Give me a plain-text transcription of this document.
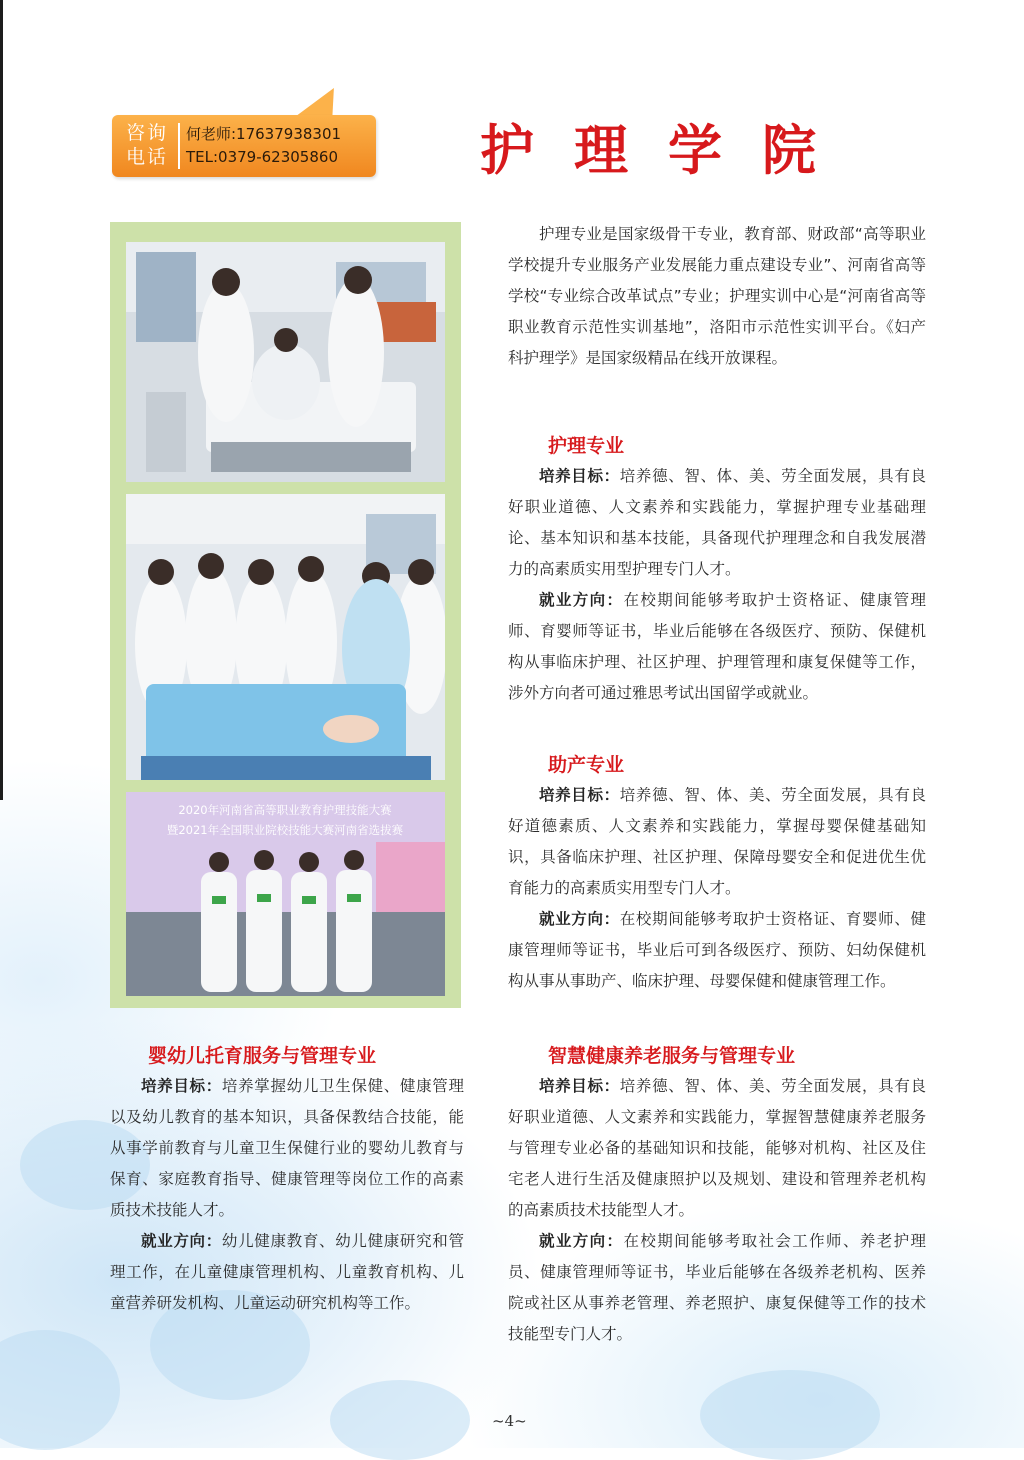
咨询
电话
何老师:17637938301
TEL:0379-62305860	护理学院
2020年河南省高等职业教育护理技能大赛
暨2021年全国职业院校技能大赛河南省选拔赛

护理专业是国家级骨干专业，教育部、财政部“高等职业学校提升专业服务产业发展能力重点建设专业”、河南省高等学校“专业综合改革试点”专业；护理实训中心是“河南省高等职业教育示范性实训基地”，洛阳市示范性实训平台。《妇产科护理学》是国家级精品在线开放课程。

护理专业

培养目标：培养德、智、体、美、劳全面发展，具有良好职业道德、人文素养和实践能力，掌握护理专业基础理论、基本知识和基本技能，具备现代护理理念和自我发展潜力的高素质实用型护理专门人才。

就业方向：在校期间能够考取护士资格证、健康管理师、育婴师等证书，毕业后能够在各级医疗、预防、保健机构从事临床护理、社区护理、护理管理和康复保健等工作，涉外方向者可通过雅思考试出国留学或就业。

助产专业

培养目标：培养德、智、体、美、劳全面发展，具有良好道德素质、人文素养和实践能力，掌握母婴保健基础知识，具备临床护理、社区护理、保障母婴安全和促进优生优育能力的高素质实用型专门人才。

就业方向：在校期间能够考取护士资格证、育婴师、健康管理师等证书，毕业后可到各级医疗、预防、妇幼保健机构从事从事助产、临床护理、母婴保健和健康管理工作。

婴幼儿托育服务与管理专业

培养目标：培养掌握幼儿卫生保健、健康管理以及幼儿教育的基本知识，具备保教结合技能，能从事学前教育与儿童卫生保健行业的婴幼儿教育与保育、家庭教育指导、健康管理等岗位工作的高素质技术技能人才。

就业方向：幼儿健康教育、幼儿健康研究和管理工作，在儿童健康管理机构、儿童教育机构、儿童营养研发机构、儿童运动研究机构等工作。

智慧健康养老服务与管理专业

培养目标：培养德、智、体、美、劳全面发展，具有良好职业道德、人文素养和实践能力，掌握智慧健康养老服务与管理专业必备的基础知识和技能，能够对机构、社区及住宅老人进行生活及健康照护以及规划、建设和管理养老机构的高素质技术技能型人才。

就业方向：在校期间能够考取社会工作师、养老护理员、健康管理师等证书，毕业后能够在各级养老机构、医养院或社区从事养老管理、养老照护、康复保健等工作的技术技能型专门人才。

~4~
